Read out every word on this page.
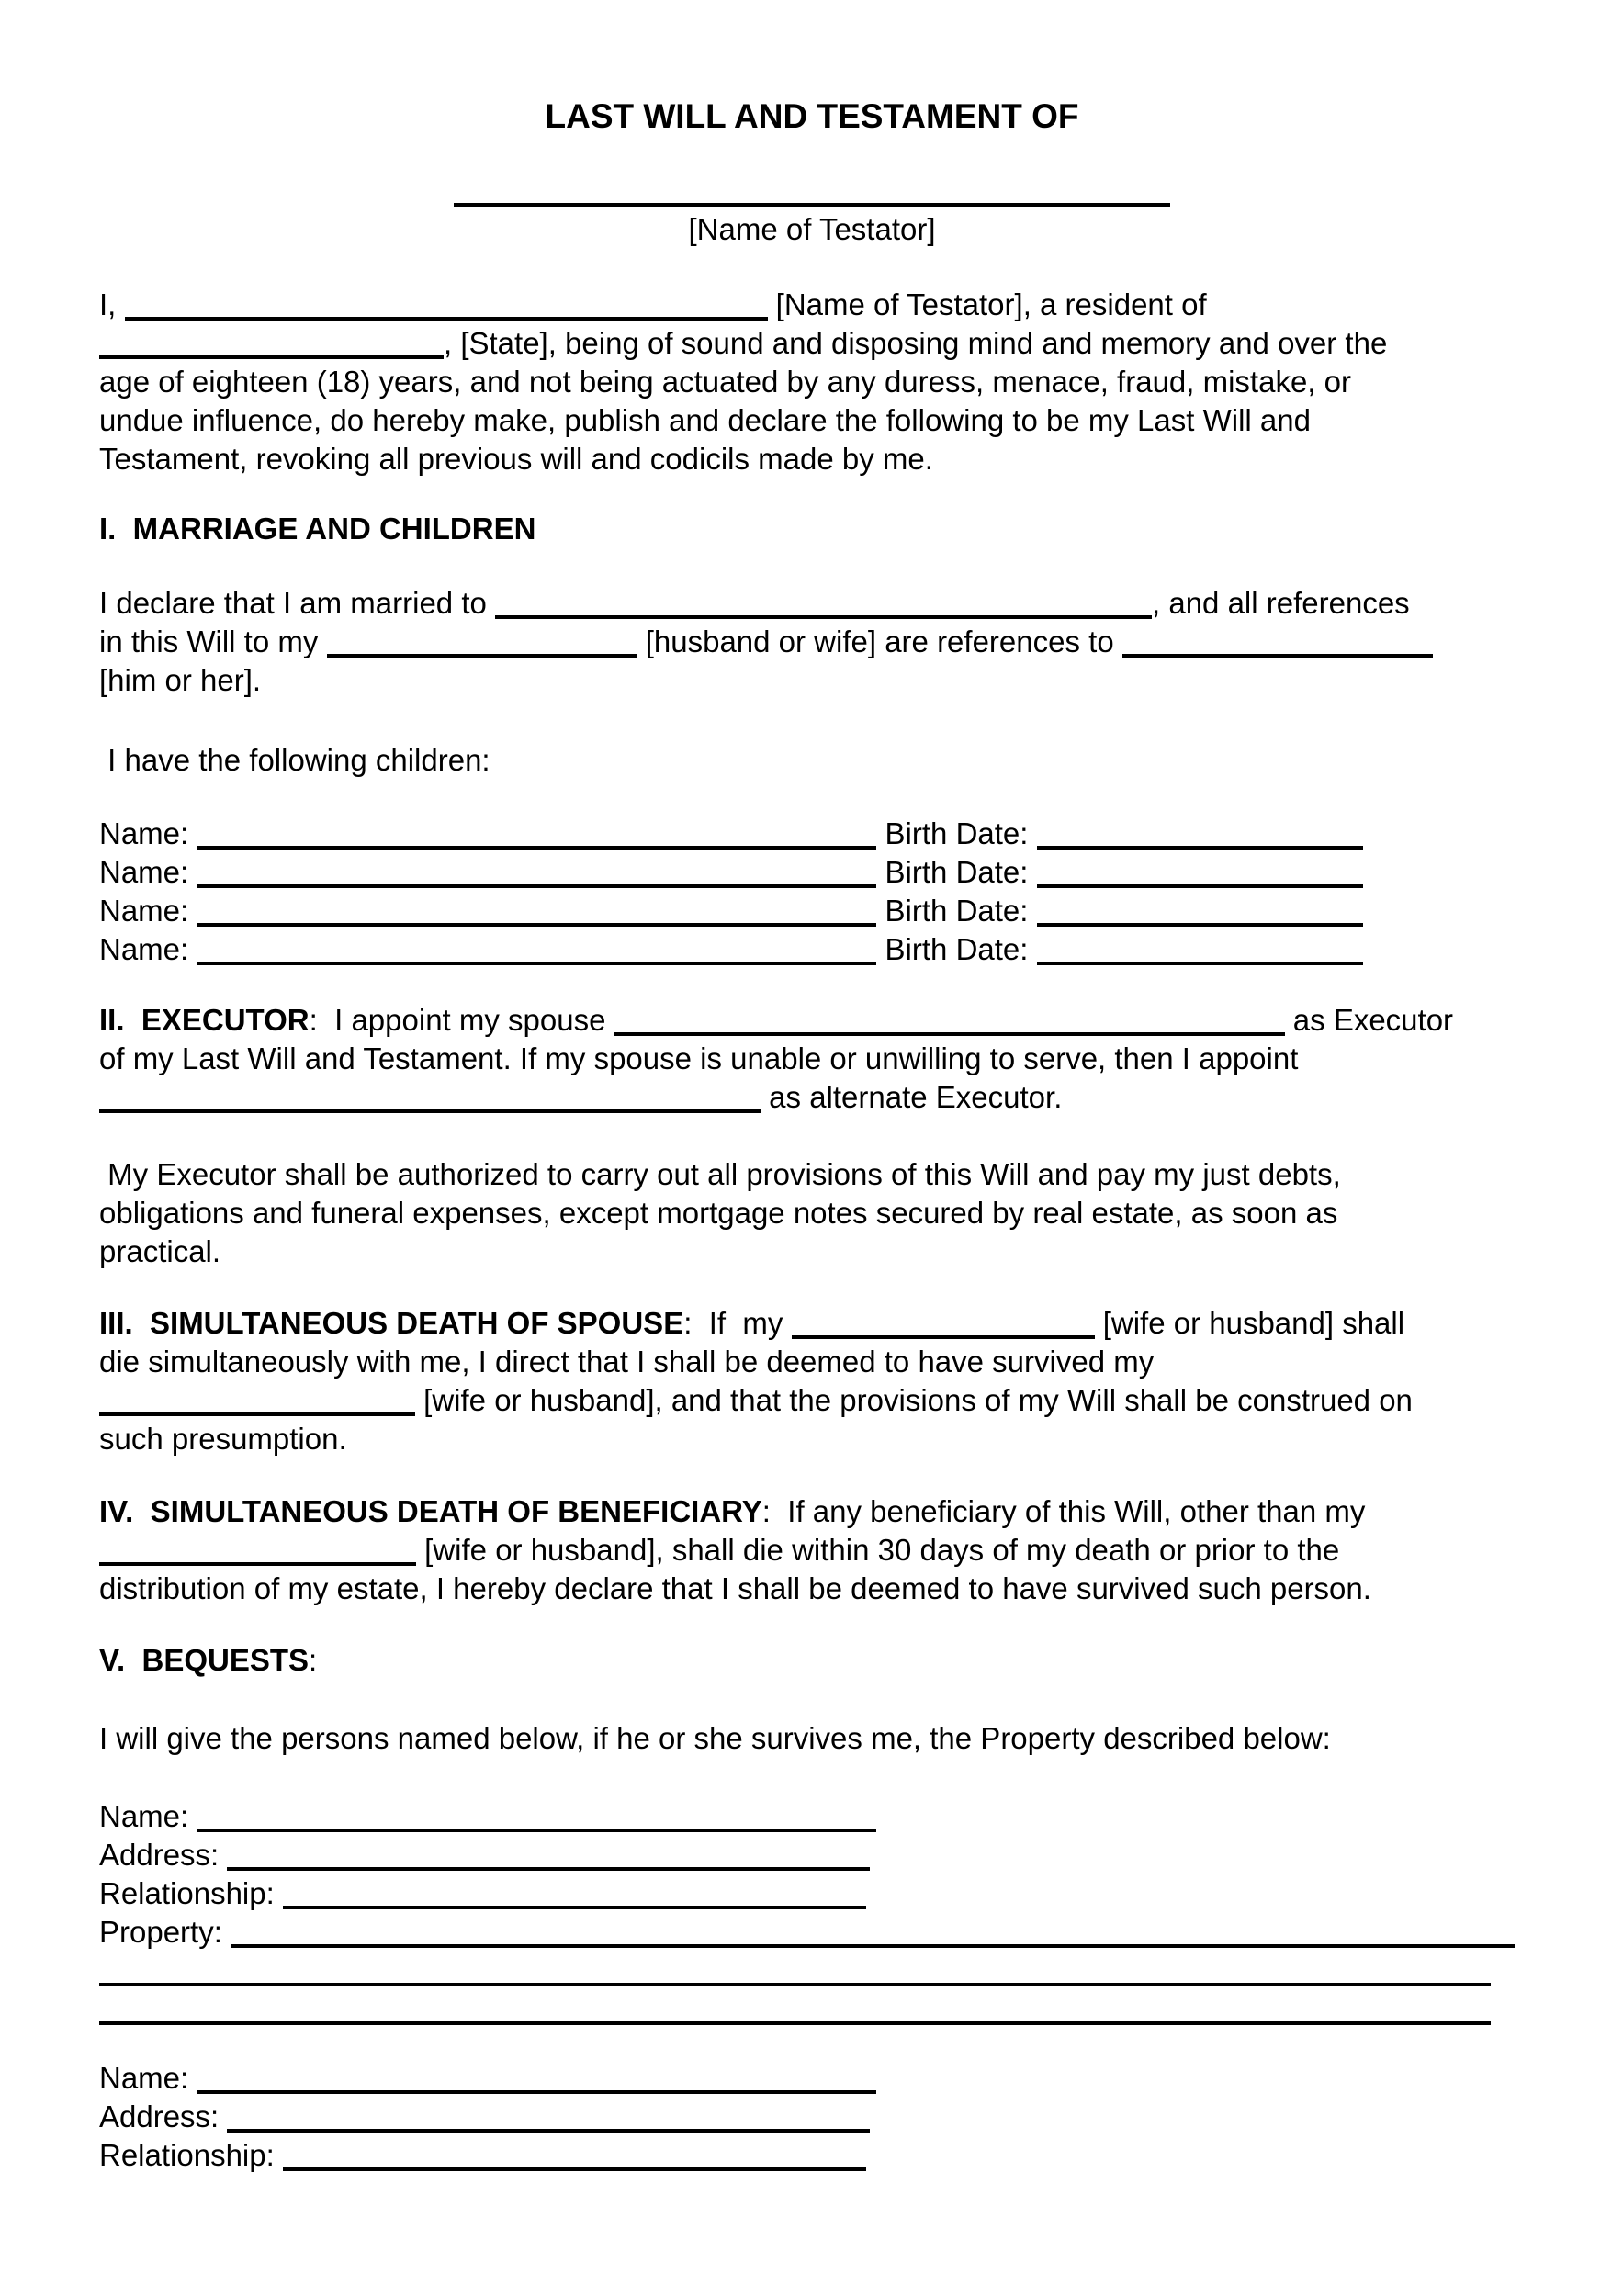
LAST WILL AND TESTAMENT OF
[Name of Testator]
I,	[Name of Testator], a resident of
, [State], being of sound and disposing mind and memory and over the
age of eighteen (18) years, and not being actuated by any duress, menace, fraud, mistake, or
undue influence, do hereby make, publish and declare the following to be my Last Will and
Testament, revoking all previous will and codicils made by me.
I.  MARRIAGE AND CHILDREN
I declare that I am married to	, and all references
in this Will to my	[husband or wife] are references to
[him or her].
I have the following children:
Name:	Birth Date:
Name:	Birth Date:
Name:	Birth Date:
Name:	Birth Date:
II.  EXECUTOR:  I appoint my spouse	as Executor
of my Last Will and Testament. If my spouse is unable or unwilling to serve, then I appoint
as alternate Executor.
My Executor shall be authorized to carry out all provisions of this Will and pay my just debts,
obligations and funeral expenses, except mortgage notes secured by real estate, as soon as
practical.
III.  SIMULTANEOUS DEATH OF SPOUSE:  If  my	[wife or husband] shall
die simultaneously with me, I direct that I shall be deemed to have survived my
[wife or husband], and that the provisions of my Will shall be construed on
such presumption.
IV.  SIMULTANEOUS DEATH OF BENEFICIARY:  If any beneficiary of this Will, other than my
[wife or husband], shall die within 30 days of my death or prior to the
distribution of my estate, I hereby declare that I shall be deemed to have survived such person.
V.  BEQUESTS:
I will give the persons named below, if he or she survives me, the Property described below:
Name:
Address:
Relationship:
Property:
Name:
Address:
Relationship:
